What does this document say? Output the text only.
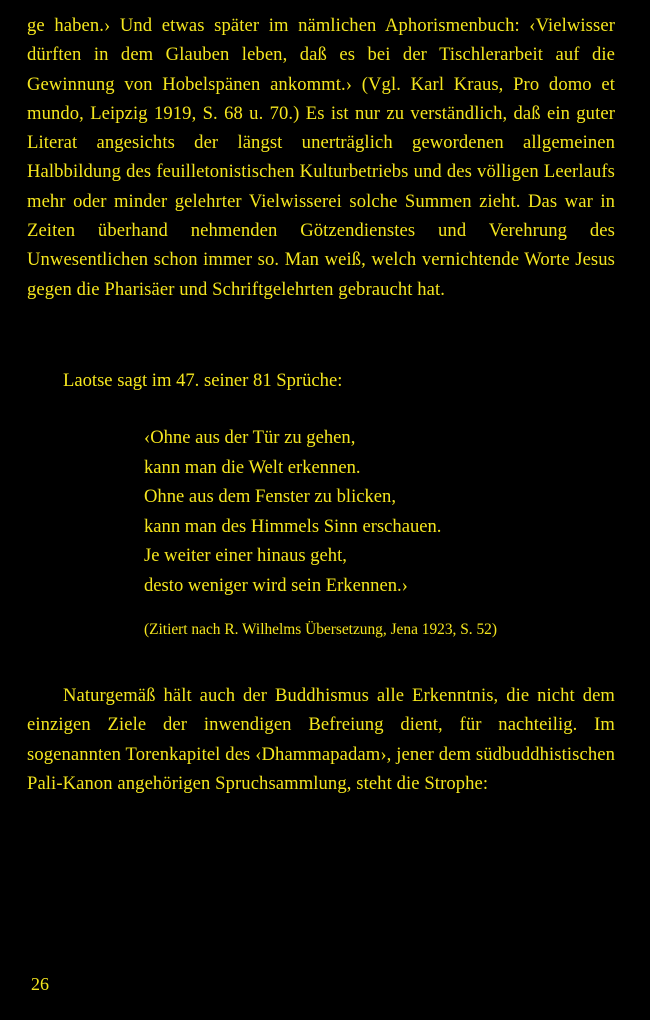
ge haben.› Und etwas später im nämlichen Aphorismenbuch: ‹Vielwisser dürften in dem Glauben leben, daß es bei der Tischlerarbeit auf die Gewinnung von Hobelspänen ankommt.› (Vgl. Karl Kraus, Pro domo et mundo, Leipzig 1919, S. 68 u. 70.) Es ist nur zu verständlich, daß ein guter Literat angesichts der längst unerträglich gewordenen allgemeinen Halbbildung des feuilletonistischen Kulturbetriebs und des völligen Leerlaufs mehr oder minder gelehrter Vielwisserei solche Summen zieht. Das war in Zeiten überhand nehmenden Götzendienstes und Verehrung des Unwesentlichen schon immer so. Man weiß, welch vernichtende Worte Jesus gegen die Pharisäer und Schriftgelehrten gebraucht hat.

Laotse sagt im 47. seiner 81 Sprüche:
‹Ohne aus der Tür zu gehen,
kann man die Welt erkennen.
Ohne aus dem Fenster zu blicken,
kann man des Himmels Sinn erschauen.
Je weiter einer hinaus geht,
desto weniger wird sein Erkennen.›
(Zitiert nach R. Wilhelms Übersetzung, Jena 1923, S. 52)

Naturgemäß hält auch der Buddhismus alle Erkenntnis, die nicht dem einzigen Ziele der inwendigen Befreiung dient, für nachteilig. Im sogenannten Torenkapitel des ‹Dhammapadam›, jener dem südbuddhistischen Pali-Kanon angehörigen Spruchsammlung, steht die Strophe:

26
